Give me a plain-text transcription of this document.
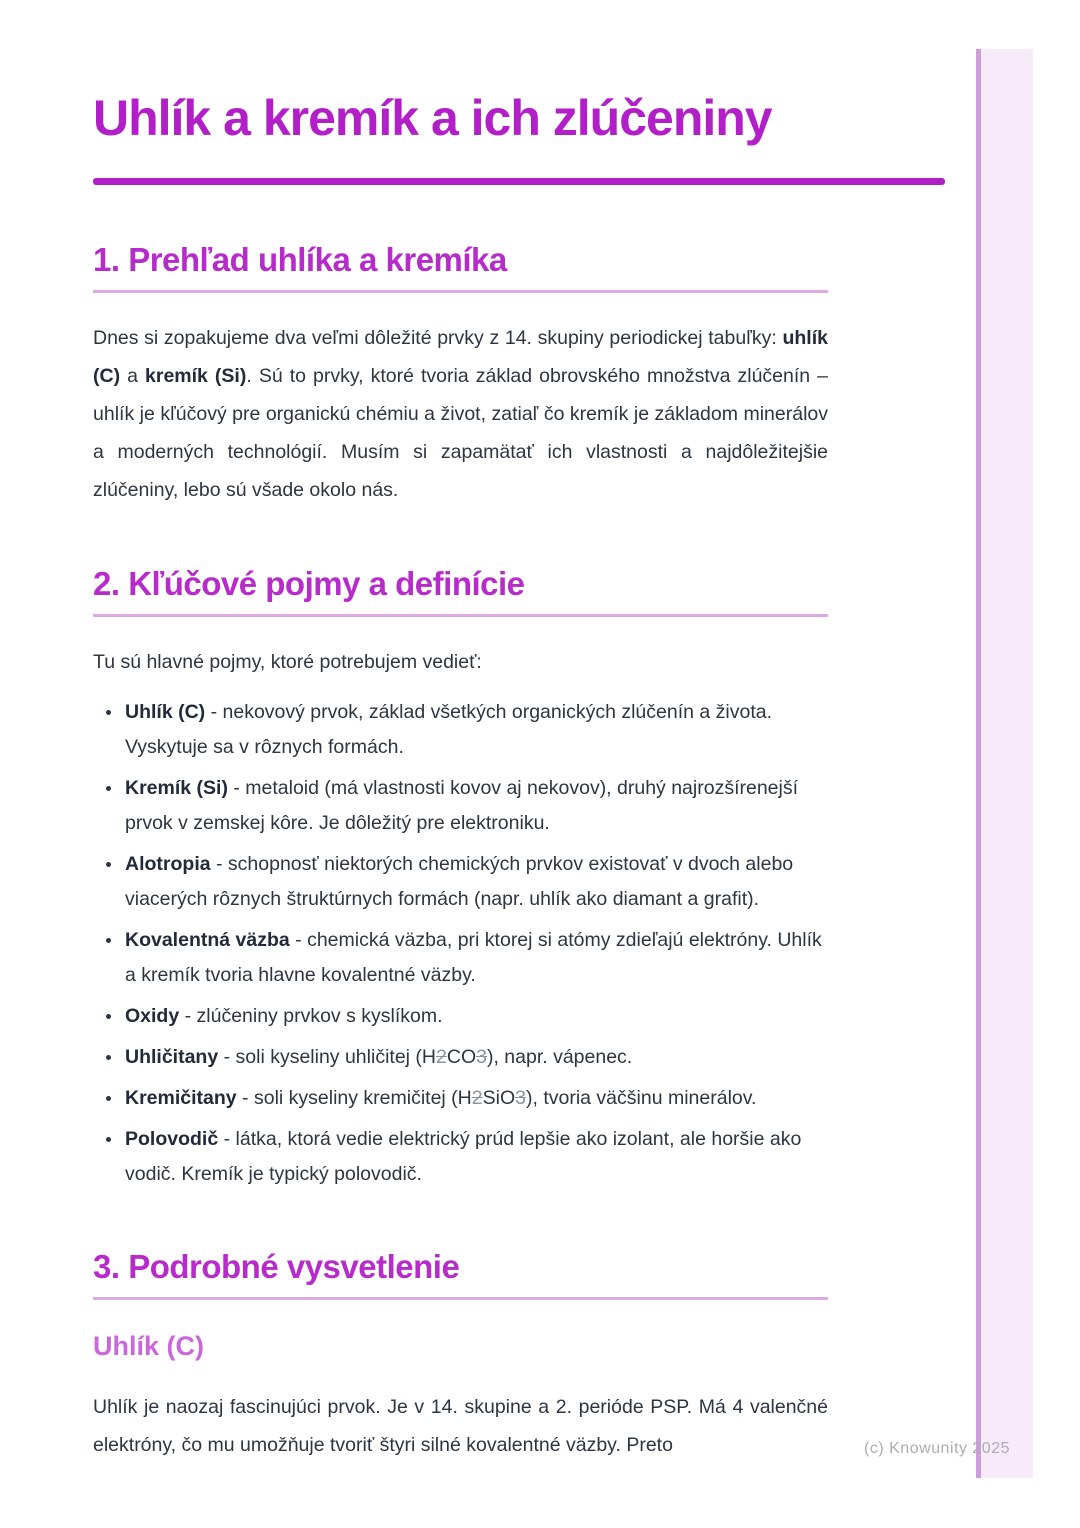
(c) Knowunity 2025
Uhlík a kremík a ich zlúčeniny
1. Prehľad uhlíka a kremíka

Dnes si zopakujeme dva veľmi dôležité prvky z 14. skupiny periodickej tabuľky: uhlík (C) a kremík (Si). Sú to prvky, ktoré tvoria základ obrovského množstva zlúčenín – uhlík je kľúčový pre organickú chémiu a život, zatiaľ čo kremík je základom minerálov a moderných technológií. Musím si zapamätať ich vlastnosti a najdôležitejšie zlúčeniny, lebo sú všade okolo nás.

2. Kľúčové pojmy a definície

Tu sú hlavné pojmy, ktoré potrebujem vedieť:

• Uhlík (C) - nekovový prvok, základ všetkých organických zlúčenín a života. Vyskytuje sa v rôznych formách.
• Kremík (Si) - metaloid (má vlastnosti kovov aj nekovov), druhý najrozšírenejší prvok v zemskej kôre. Je dôležitý pre elektroniku.
• Alotropia - schopnosť niektorých chemických prvkov existovať v dvoch alebo viacerých rôznych štruktúrnych formách (napr. uhlík ako diamant a grafit).
• Kovalentná väzba - chemická väzba, pri ktorej si atómy zdieľajú elektróny. Uhlík a kremík tvoria hlavne kovalentné väzby.
• Oxidy - zlúčeniny prvkov s kyslíkom.
• Uhličitany - soli kyseliny uhličitej (H2CO3), napr. vápenec.
• Kremičitany - soli kyseliny kremičitej (H2SiO3), tvoria väčšinu minerálov.
• Polovodič - látka, ktorá vedie elektrický prúd lepšie ako izolant, ale horšie ako vodič. Kremík je typický polovodič.
3. Podrobné vysvetlenie
Uhlík (C)

Uhlík je naozaj fascinujúci prvok. Je v 14. skupine a 2. perióde PSP. Má 4 valenčné elektróny, čo mu umožňuje tvoriť štyri silné kovalentné väzby. Preto
